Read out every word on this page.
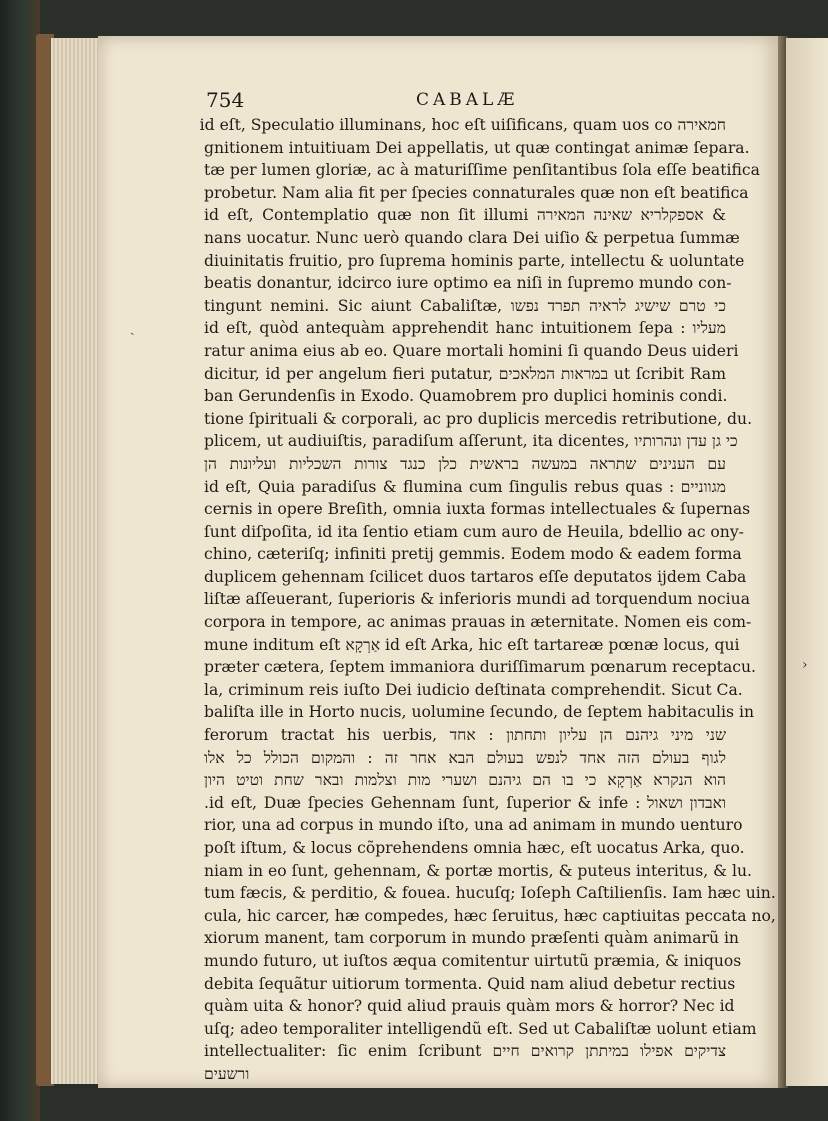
›
754	CABALÆ
ˏ
חמאירה id eſt, Speculatio illuminans, hoc eſt uiſificans, quam uos co
gnitionem intuitiuam Dei appellatis, ut quæ contingat animæ ſepara.
tæ per lumen gloriæ, ac à maturiſſime penſitantibus ſola eſſe beatifica
probetur. Nam alia fit per ſpecies connaturales quæ non eſt beatifica
& אספקלריא שאינה המאירה id eſt, Contemplatio quæ non ſit illumi
nans uocatur. Nunc uerò quando clara Dei uiſio & perpetua ſummæ
diuinitatis fruitio, pro ſuprema hominis parte, intellectu & uoluntate
beatis donantur, idcirco iure optimo ea niſi in ſupremo mundo con-
tingunt nemini. Sic aiunt Cabaliſtæ, כי טרם שישיג לראיה תפרד נפשו
מעליו : id eſt, quòd antequàm apprehendit hanc intuitionem ſepa
ratur anima eius ab eo. Quare mortali homini ſi quando Deus uideri
dicitur, id per angelum fieri putatur, במראות המלאכים ut ſcribit Ram
ban Gerundenſis in Exodo. Quamobrem pro duplici hominis condi.
tione ſpirituali & corporali, ac pro duplicis mercedis retributione, du.
plicem, ut audiuiſtis, paradiſum aſſerunt, ita dicentes, כי גן עדן ונהרותיו
עם הענינים שתראה במעשה בראשית כלן כנגד צורות השכליות ועליונות הן
מגווניים : id eſt, Quia paradiſus & flumina cum ſingulis rebus quas
cernis in opere Breſith, omnia iuxta formas intellectuales & ſupernas
ſunt diſpoſita, id ita ſentio etiam cum auro de Heuila, bdellio ac ony-
chino, cæteriſq; infiniti pretij gemmis. Eodem modo & eadem forma
duplicem gehennam ſcilicet duos tartaros eſſe deputatos ijdem Caba
liſtæ aſſeuerant, ſuperioris & inferioris mundi ad torquendum nociua
corpora in tempore, ac animas prauas in æternitate. Nomen eis com-
mune inditum eſt אַרְקָא id eſt Arka, hic eſt tartareæ pœnæ locus, qui
præter cætera, ſeptem immaniora duriſſimarum pœnarum receptacu.
la, criminum reis iuſto Dei iudicio deſtinata comprehendit. Sicut Ca.
baliſta ille in Horto nucis, uolumine ſecundo, de ſeptem habitaculis in
ferorum tractat his uerbis, שני מיני גיהנם הן עליון ותחתון : אחד
לגוף בעולם הזה אחד לנפש בעולם הבא אחר זה : והמקום הכולל כל אלו
הוא הנקרא אַרְקָא כי בו הם גיהנם ושערי מות וצלמות ובאר שחת וטיט היון
ואבדון ושאול : id eſt, Duæ ſpecies Gehennam ſunt, ſuperior & infe.
rior, una ad corpus in mundo iſto, una ad animam in mundo uenturo
poſt iſtum, & locus cõprehendens omnia hæc, eſt uocatus Arka, quo.
niam in eo ſunt, gehennam, & portæ mortis, & puteus interitus, & lu.
tum fæcis, & perditio, & fouea. hucuſq; Ioſeph Caſtilienſis. Iam hæc uin.
cula, hic carcer, hæ compedes, hæc ſeruitus, hæc captiuitas peccata no,
xiorum manent, tam corporum in mundo præſenti quàm animarũ in
mundo futuro, ut iuſtos æqua comitentur uirtutũ præmia, & iniquos
debita ſequãtur uitiorum tormenta. Quid nam aliud debetur rectius
quàm uita & honor? quid aliud prauis quàm mors & horror? Nec id
uſq; adeo temporaliter intelligendũ eſt. Sed ut Cabaliſtæ uolunt etiam
intellectualiter: ſic enim ſcribunt צדיקים אפילו במיתתן קרואים חיים
ורשעים
